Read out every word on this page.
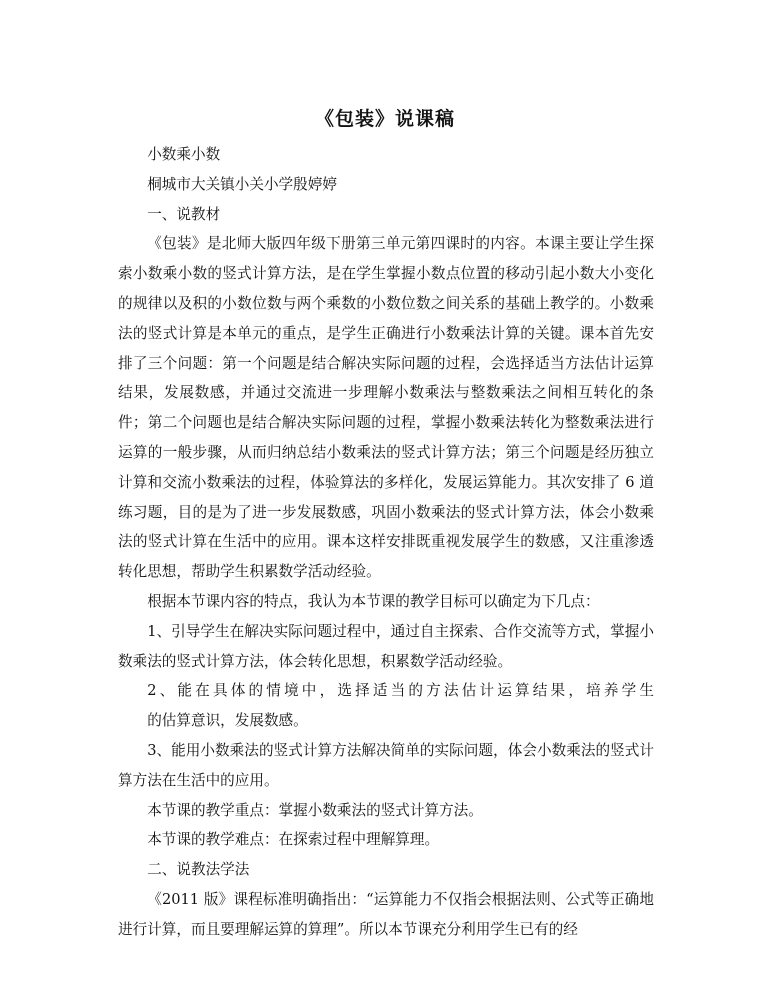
《包装》说课稿

小数乘小数

桐城市大关镇小关小学殷婷婷

一、说教材

《包装》是北师大版四年级下册第三单元第四课时的内容。本课主要让学生探索小数乘小数的竖式计算方法，是在学生掌握小数点位置的移动引起小数大小变化的规律以及积的小数位数与两个乘数的小数位数之间关系的基础上教学的。小数乘法的竖式计算是本单元的重点，是学生正确进行小数乘法计算的关键。课本首先安排了三个问题：第一个问题是结合解决实际问题的过程，会选择适当方法估计运算结果，发展数感，并通过交流进一步理解小数乘法与整数乘法之间相互转化的条件；第二个问题也是结合解决实际问题的过程，掌握小数乘法转化为整数乘法进行运算的一般步骤，从而归纳总结小数乘法的竖式计算方法；第三个问题是经历独立计算和交流小数乘法的过程，体验算法的多样化，发展运算能力。其次安排了 6 道练习题，目的是为了进一步发展数感，巩固小数乘法的竖式计算方法，体会小数乘法的竖式计算在生活中的应用。课本这样安排既重视发展学生的数感，又注重渗透转化思想，帮助学生积累数学活动经验。

根据本节课内容的特点，我认为本节课的教学目标可以确定为下几点：

1、引导学生在解决实际问题过程中，通过自主探索、合作交流等方式，掌握小数乘法的竖式计算方法，体会转化思想，积累数学活动经验。

2、能在具体的情境中，选择适当的方法估计运算结果，培养学生

的估算意识，发展数感。

3、能用小数乘法的竖式计算方法解决简单的实际问题，体会小数乘法的竖式计算方法在生活中的应用。

本节课的教学重点：掌握小数乘法的竖式计算方法。

本节课的教学难点：在探索过程中理解算理。

二、说教法学法

《2011 版》课程标准明确指出：“运算能力不仅指会根据法则、公式等正确地进行计算，而且要理解运算的算理”。所以本节课充分利用学生已有的经
